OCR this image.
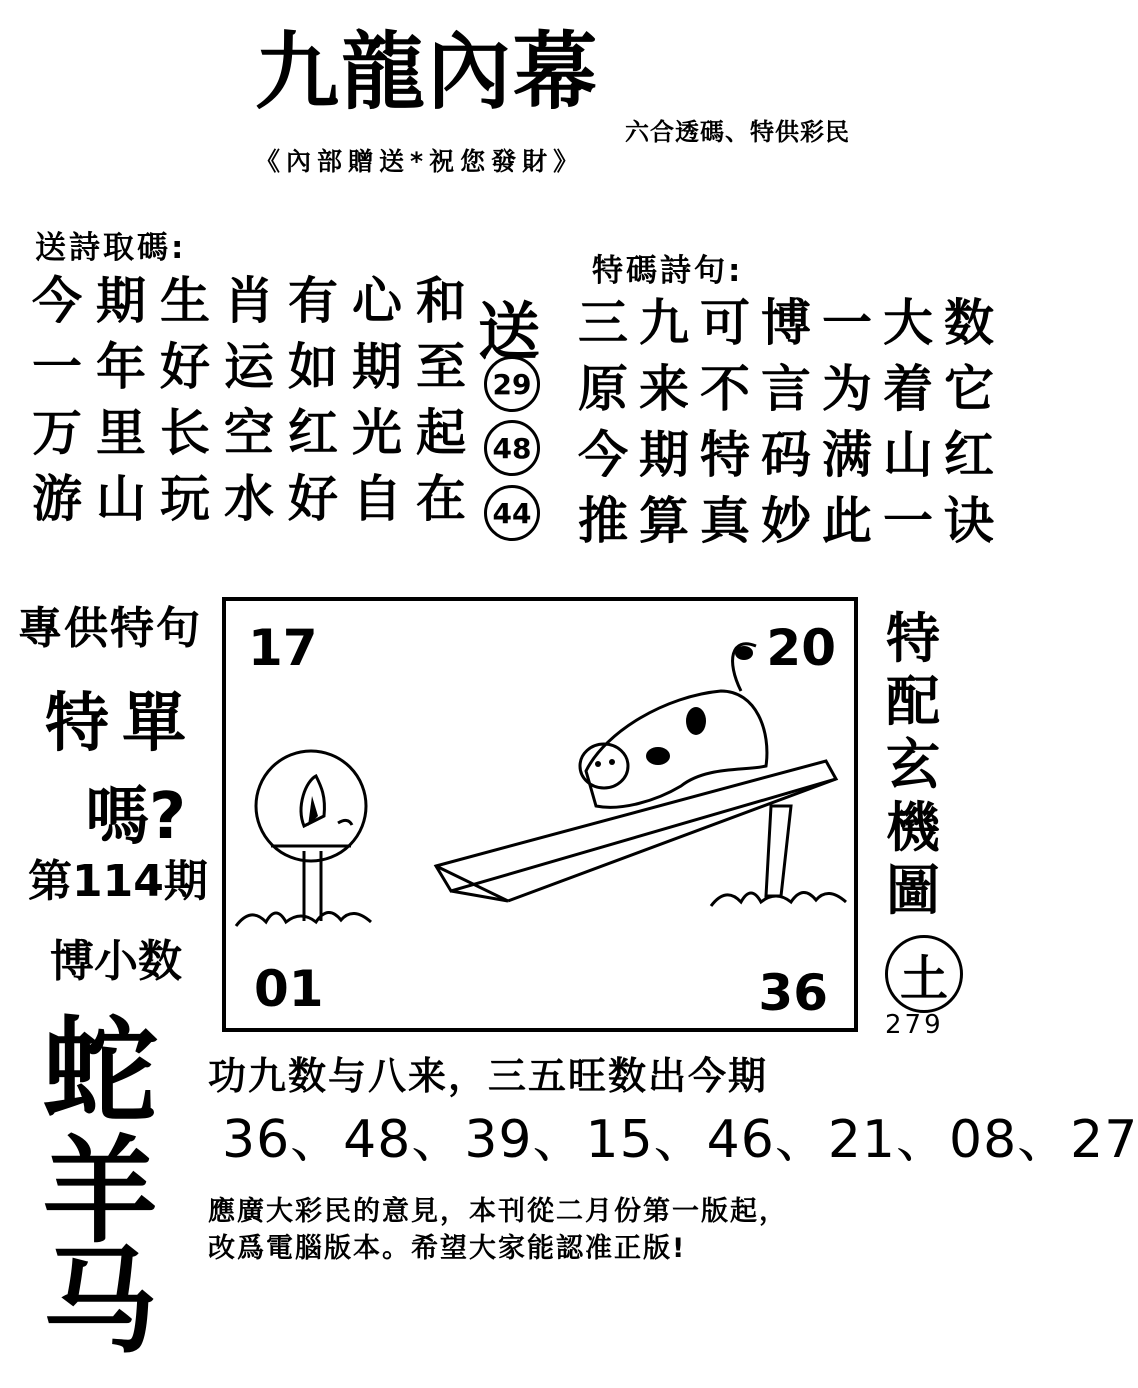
九龍內幕
六合透碼、特供彩民
《內部贈送*祝您發財》
送詩取碼:
今期生肖有心和
一年好运如期至
万里长空红光起
游山玩水好自在
送
29
48
44
特碼詩句:
三九可博一大数
原来不言为着它
今期特码满山红
推算真妙此一诀
專供特句
特 單
嗎?
第114期
博小数
蛇
羊
马
17	20
01	36
特
配
玄
機
圖
土
279
功九数与八来，三五旺数出今期
36、48、39、15、46、21、08、27
應廣大彩民的意見，本刊從二月份第一版起，
改爲電腦版本。希望大家能認准正版!
